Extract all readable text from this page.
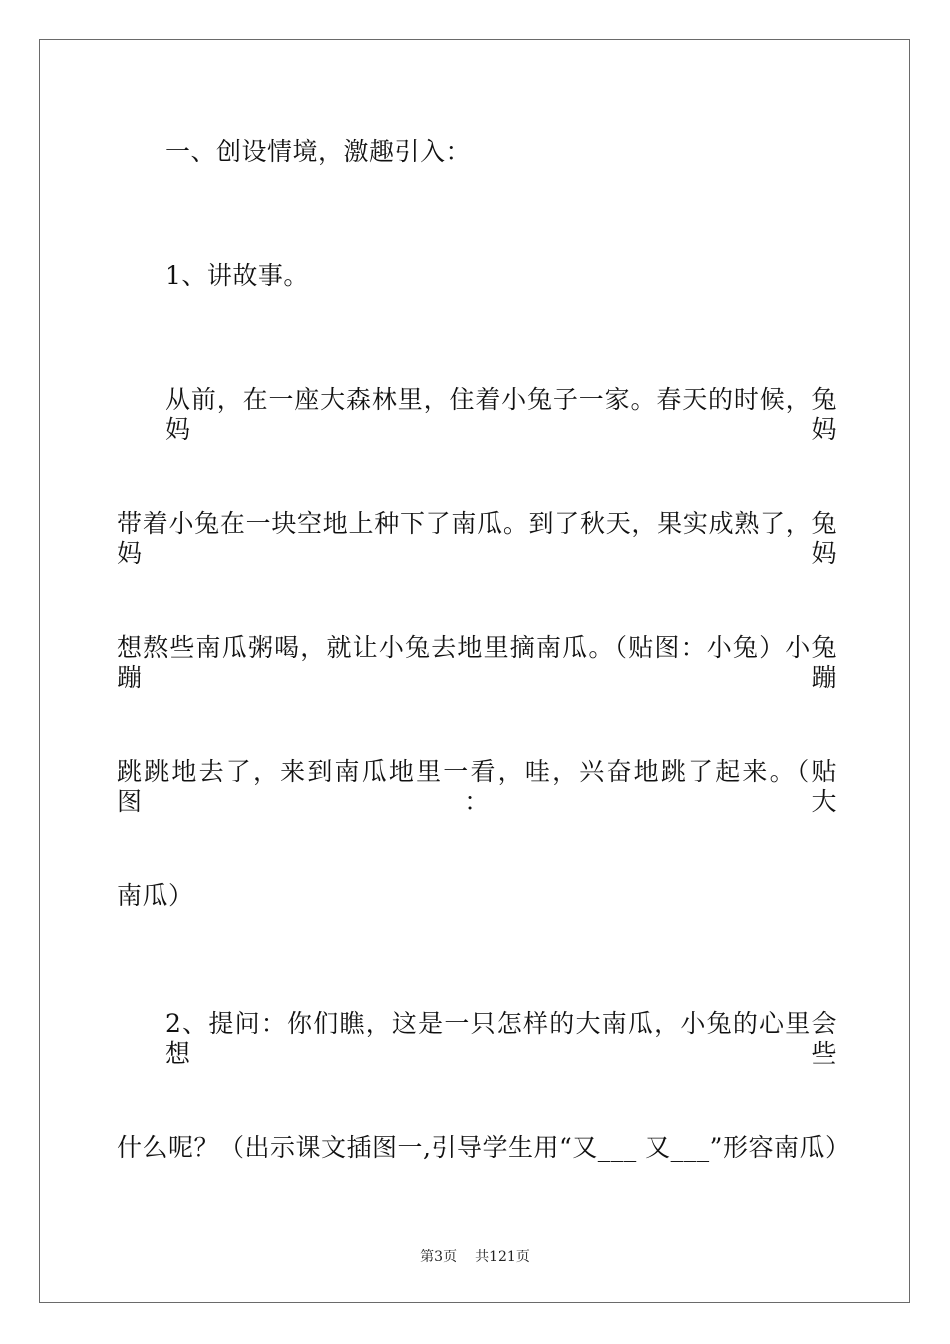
一、创设情境，激趣引入：
1、讲故事。
从前，在一座大森林里，住着小兔子一家。春天的时候，兔妈妈
带着小兔在一块空地上种下了南瓜。到了秋天，果实成熟了，兔妈妈
想熬些南瓜粥喝，就让小兔去地里摘南瓜。（贴图：小兔）小兔蹦蹦
跳跳地去了，来到南瓜地里一看，哇，兴奋地跳了起来。（贴图：大
南瓜）
2、提问：你们瞧，这是一只怎样的大南瓜，小兔的心里会想些
什么呢？（出示课文插图一,引导学生用“又___ 又___”形容南瓜）
第3页 共121页
